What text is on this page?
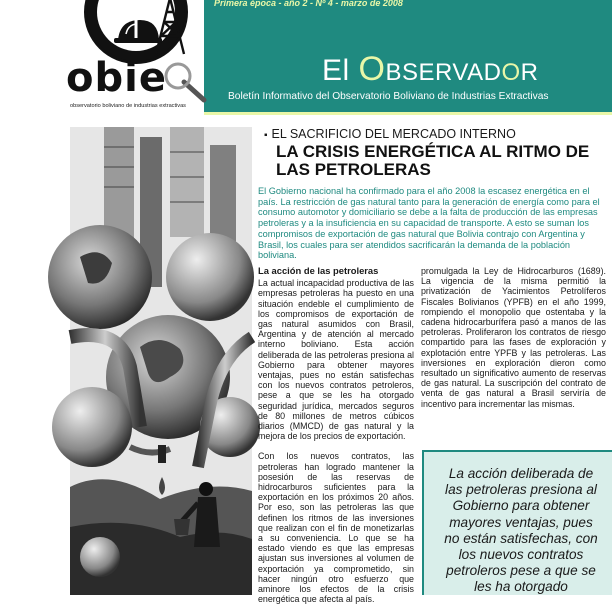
Primera época - año 2 - Nº 4 - marzo de 2008
obie
observatorio boliviano de industrias extractivas
El OBSERVADOR
Boletín Informativo del Observatorio Boliviano de Industrias Extractivas
▪ EL SACRIFICIO DEL MERCADO INTERNO
LA CRISIS ENERGÉTICA AL RITMO DE LAS PETROLERAS

El Gobierno nacional ha confirmado para el año 2008 la escasez energética en el país. La restricción de gas natural tanto para la generación de energía como para el consumo automotor y domiciliario se debe a la falta de producción de las empresas petroleras y a la insuficiencia en su capacidad de transporte. A esto se suman los compromisos de exportación de gas natural que Bolivia contrajo con Argentina y Brasil, los cuales para ser atendidos sacrificarán la demanda de la población boliviana.

La acción de las petroleras

La actual incapacidad productiva de las empresas petroleras ha puesto en una situación endeble el cumplimiento de los compromisos de exportación de gas natural asumidos con Brasil, Argentina y de atención al mercado interno boliviano. Esta acción deliberada de las petroleras presiona al Gobierno para obtener mayores ventajas, pues no están satisfechas con los nuevos contratos petroleros, pese a que se les ha otorgado seguridad jurídica, mercados seguros de 80 millones de metros cúbicos diarios (MMCD) de gas natural y la mejora de los precios de exportación.

Con los nuevos contratos, las petroleras han logrado mantener la posesión de las reservas de hidrocarburos suficientes para la exportación en los próximos 20 años. Por eso, son las petroleras las que definen los ritmos de las inversiones que realizan con el fin de monetizarlas a su conveniencia. Lo que se ha estado viendo es que las empresas ajustan sus inversiones al volumen de exportación ya comprometido, sin hacer ningún otro esfuerzo que aminore los efectos de la crisis energética que afecta al país.

promulgada la Ley de Hidrocarburos (1689). La vigencia de la misma permitió la privatización de Yacimientos Petrolíferos Fiscales Bolivianos (YPFB) en el año 1999, rompiendo el monopolio que ostentaba y la cadena hidrocarburífera pasó a manos de las petroleras. Proliferaron los contratos de riesgo compartido para las fases de exploración y explotación entre YPFB y las petroleras. Las inversiones en exploración dieron como resultado un significativo aumento de reservas de gas natural. La suscripción del contrato de venta de gas natural a Brasil serviría de incentivo para incrementar las mismas.

La acción deliberada de las petroleras presiona al Gobierno para obtener mayores ventajas, pues no están satisfechas, con los nuevos contratos petroleros pese a que se les ha otorgado
